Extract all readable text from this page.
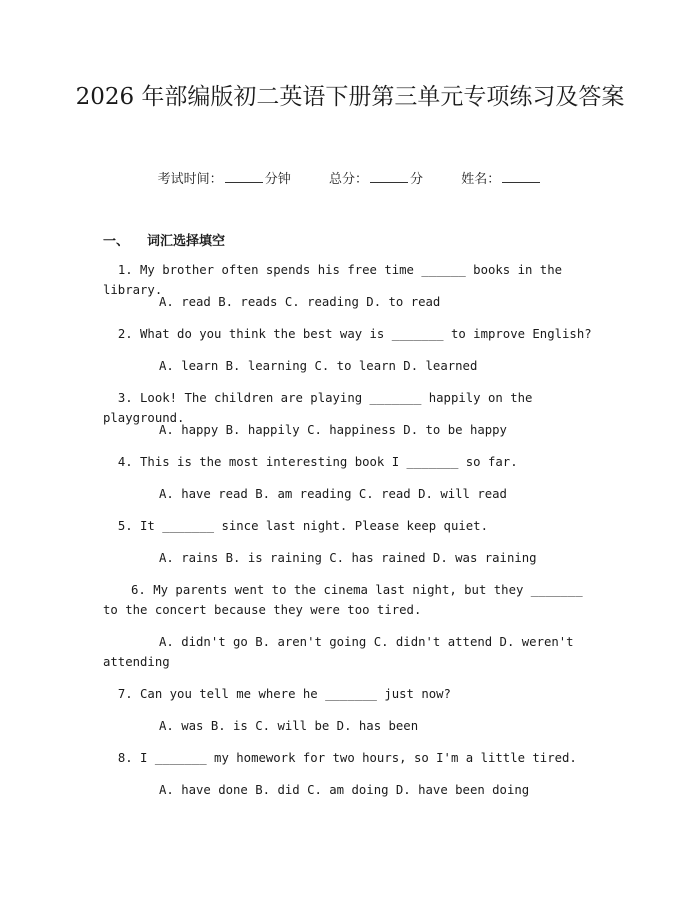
2026 年部编版初二英语下册第三单元专项练习及答案
考试时间：	分钟	总分：	分	姓名：
一、 词汇选择填空
  1. My brother often spends his free time ______ books in the library.
A. read B. reads C. reading D. to read
  2. What do you think the best way is _______ to improve English?
A. learn B. learning C. to learn D. learned
  3. Look! The children are playing _______ happily on the playground.
A. happy B. happily C. happiness D. to be happy
  4. This is the most interesting book I _______ so far.
A. have read B. am reading C. read D. will read
  5. It _______ since last night. Please keep quiet.
A. rains B. is raining C. has rained D. was raining
6. My parents went to the cinema last night, but they _______ to the concert because they were too tired.
A. didn't go B. aren't going C. didn't attend D. weren't attending
  7. Can you tell me where he _______ just now?
A. was B. is C. will be D. has been
  8. I _______ my homework for two hours, so I'm a little tired.
A. have done B. did C. am doing D. have been doing
